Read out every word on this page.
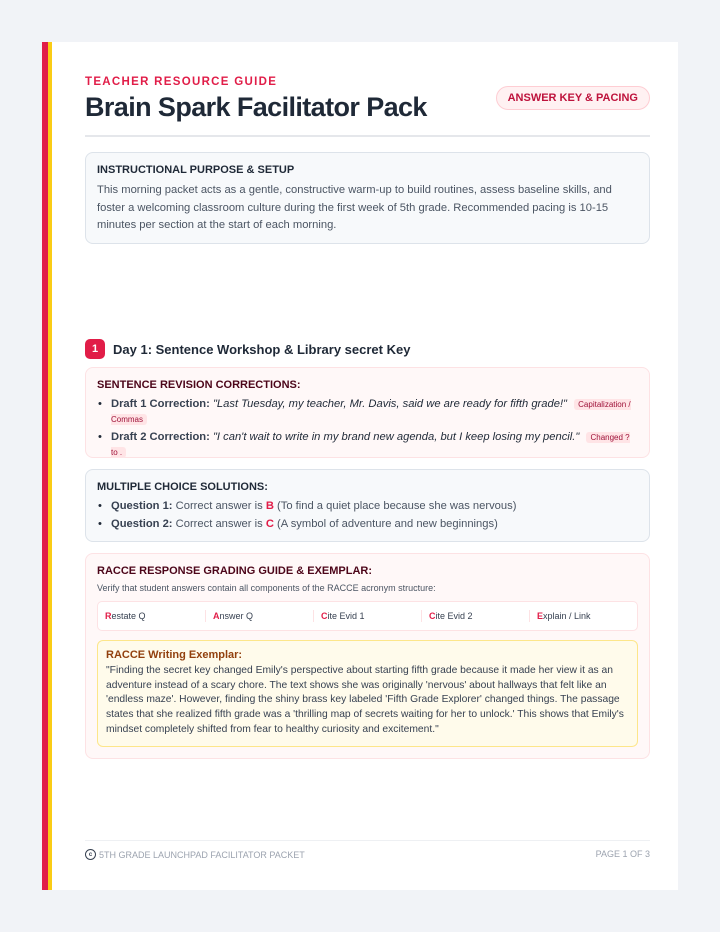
TEACHER RESOURCE GUIDE
Brain Spark Facilitator Pack	ANSWER KEY & PACING
INSTRUCTIONAL PURPOSE & SETUP
This morning packet acts as a gentle, constructive warm-up to build routines, assess baseline skills, and foster a welcoming classroom culture during the first week of 5th grade. Recommended pacing is 10-15 minutes per section at the start of each morning.
1	Day 1: Sentence Workshop & Library secret Key
SENTENCE REVISION CORRECTIONS:
• Draft 1 Correction: "Last Tuesday, my teacher, Mr. Davis, said we are ready for fifth grade!" Capitalization / Commas
• Draft 2 Correction: "I can't wait to write in my brand new agenda, but I keep losing my pencil." Changed ? to .
MULTIPLE CHOICE SOLUTIONS:
• Question 1: Correct answer is B (To find a quiet place because she was nervous)
• Question 2: Correct answer is C (A symbol of adventure and new beginnings)
RACCE RESPONSE GRADING GUIDE & EXEMPLAR:
Verify that student answers contain all components of the RACCE acronym structure:
Restate Q	Answer Q	Cite Evid 1	Cite Evid 2	Explain / Link
RACCE Writing Exemplar:
"Finding the secret key changed Emily's perspective about starting fifth grade because it made her view it as an adventure instead of a scary chore. The text shows she was originally 'nervous' about hallways that felt like an 'endless maze'. However, finding the shiny brass key labeled 'Fifth Grade Explorer' changed things. The passage states that she realized fifth grade was a 'thrilling map of secrets waiting for her to unlock.' This shows that Emily's mindset completely shifted from fear to healthy curiosity and excitement."
c 5TH GRADE LAUNCHPAD FACILITATOR PACKET	PAGE 1 OF 3
